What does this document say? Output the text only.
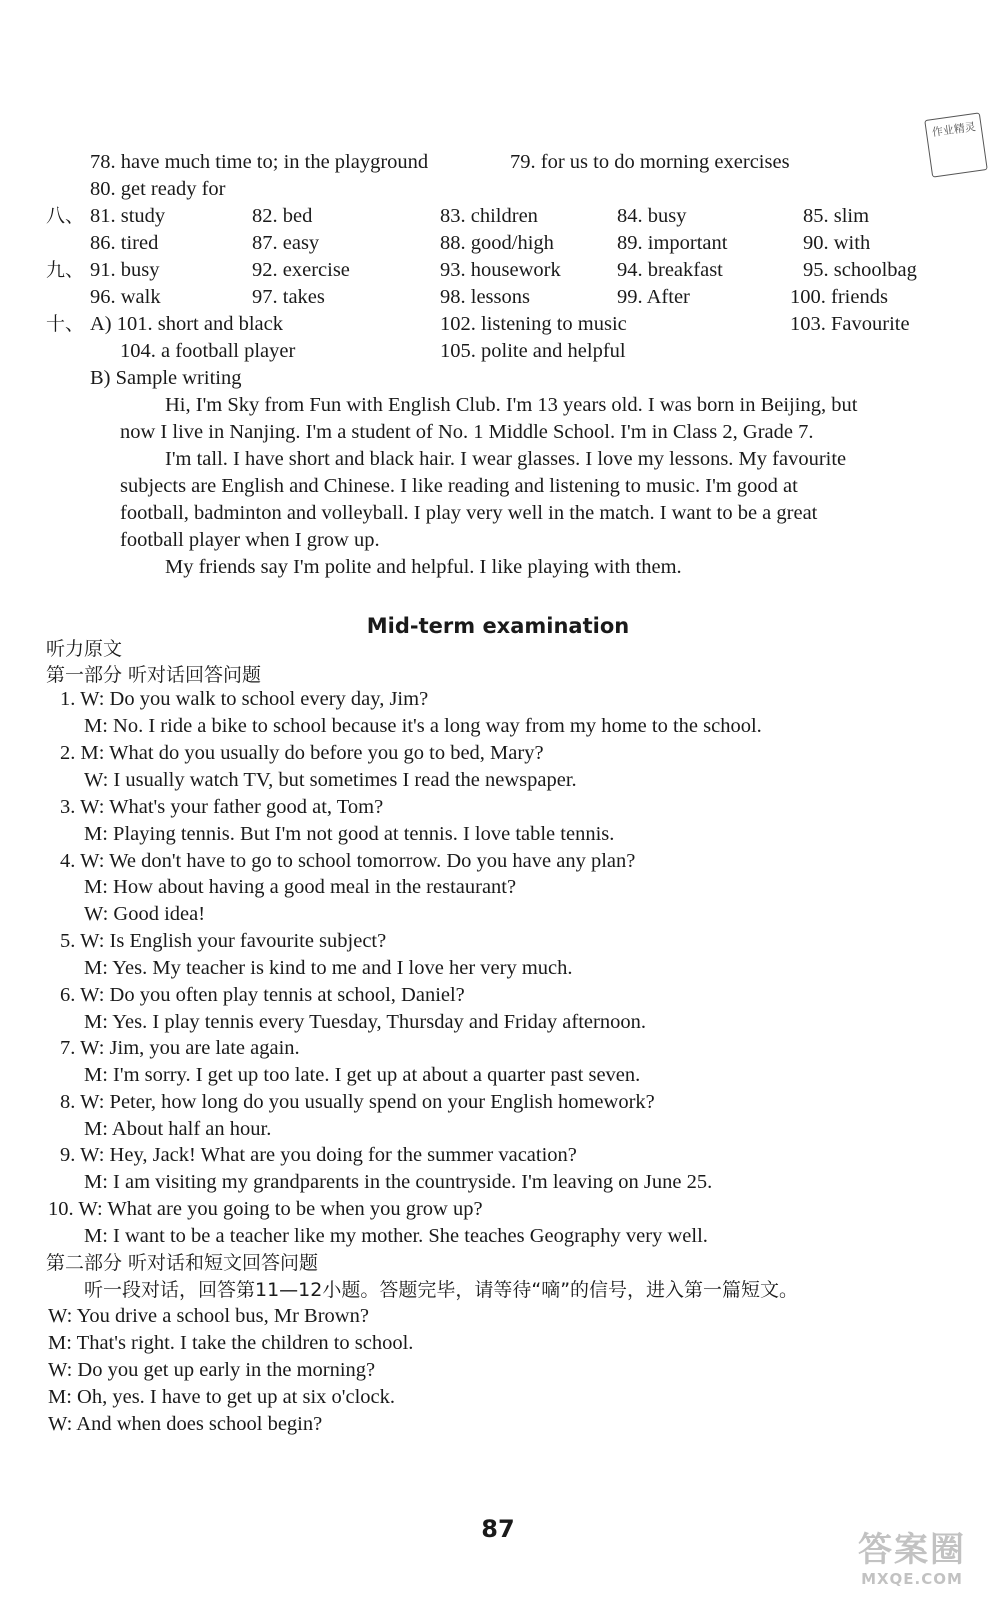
作业精灵
78. have much time to; in the playground	79. for us to do morning exercises
80. get ready for
八、 81. study	82. bed	83. children	84. busy	85. slim
86. tired	87. easy	88. good/high	89. important	90. with
九、 91. busy	92. exercise	93. housework	94. breakfast	95. schoolbag
96. walk	97. takes	98. lessons	99. After	100. friends
十、 A) 101. short and black	102. listening to music	103. Favourite
104. a football player	105. polite and helpful
B) Sample writing
Hi, I'm Sky from Fun with English Club. I'm 13 years old. I was born in Beijing, but
now I live in Nanjing. I'm a student of No. 1 Middle School. I'm in Class 2, Grade 7.
I'm tall. I have short and black hair. I wear glasses. I love my lessons. My favourite
subjects are English and Chinese. I like reading and listening to music. I'm good at
football, badminton and volleyball. I play very well in the match. I want to be a great
football player when I grow up.
My friends say I'm polite and helpful. I like playing with them.
Mid-term examination
听力原文
第一部分 听对话回答问题
1. W: Do you walk to school every day, Jim?
M: No. I ride a bike to school because it's a long way from my home to the school.
2. M: What do you usually do before you go to bed, Mary?
W: I usually watch TV, but sometimes I read the newspaper.
3. W: What's your father good at, Tom?
M: Playing tennis. But I'm not good at tennis. I love table tennis.
4. W: We don't have to go to school tomorrow. Do you have any plan?
M: How about having a good meal in the restaurant?
W: Good idea!
5. W: Is English your favourite subject?
M: Yes. My teacher is kind to me and I love her very much.
6. W: Do you often play tennis at school, Daniel?
M: Yes. I play tennis every Tuesday, Thursday and Friday afternoon.
7. W: Jim, you are late again.
M: I'm sorry. I get up too late. I get up at about a quarter past seven.
8. W: Peter, how long do you usually spend on your English homework?
M: About half an hour.
9. W: Hey, Jack! What are you doing for the summer vacation?
M: I am visiting my grandparents in the countryside. I'm leaving on June 25.
10. W: What are you going to be when you grow up?
M: I want to be a teacher like my mother. She teaches Geography very well.
第二部分 听对话和短文回答问题
听一段对话，回答第11—12小题。答题完毕，请等待“嘀”的信号，进入第一篇短文。
W: You drive a school bus, Mr Brown?
M: That's right. I take the children to school.
W: Do you get up early in the morning?
M: Oh, yes. I have to get up at six o'clock.
W: And when does school begin?
87
答案圈
MXQE.COM
